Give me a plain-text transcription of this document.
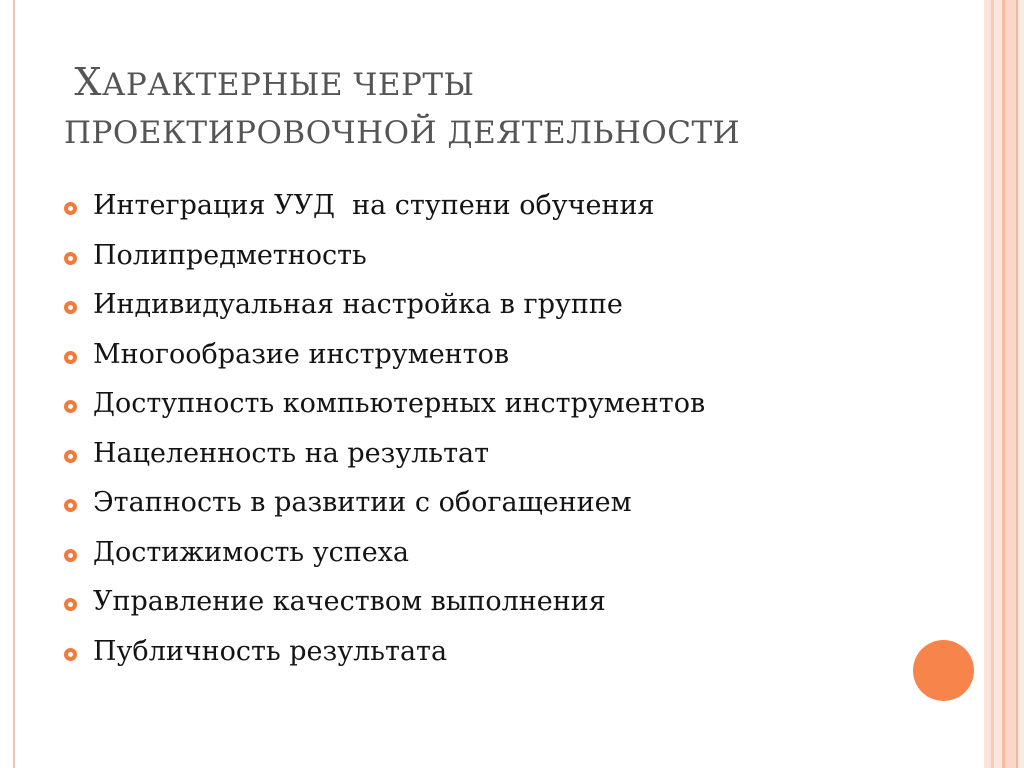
ХАРАКТЕРНЫЕ ЧЕРТЫ
ПРОЕКТИРОВОЧНОЙ ДЕЯТЕЛЬНОСТИ
Интеграция УУД  на ступени обучения
Полипредметность
Индивидуальная настройка в группе
Многообразие инструментов
Доступность компьютерных инструментов
Нацеленность на результат
Этапность в развитии с обогащением
Достижимость успеха
Управление качеством выполнения
Публичность результата
